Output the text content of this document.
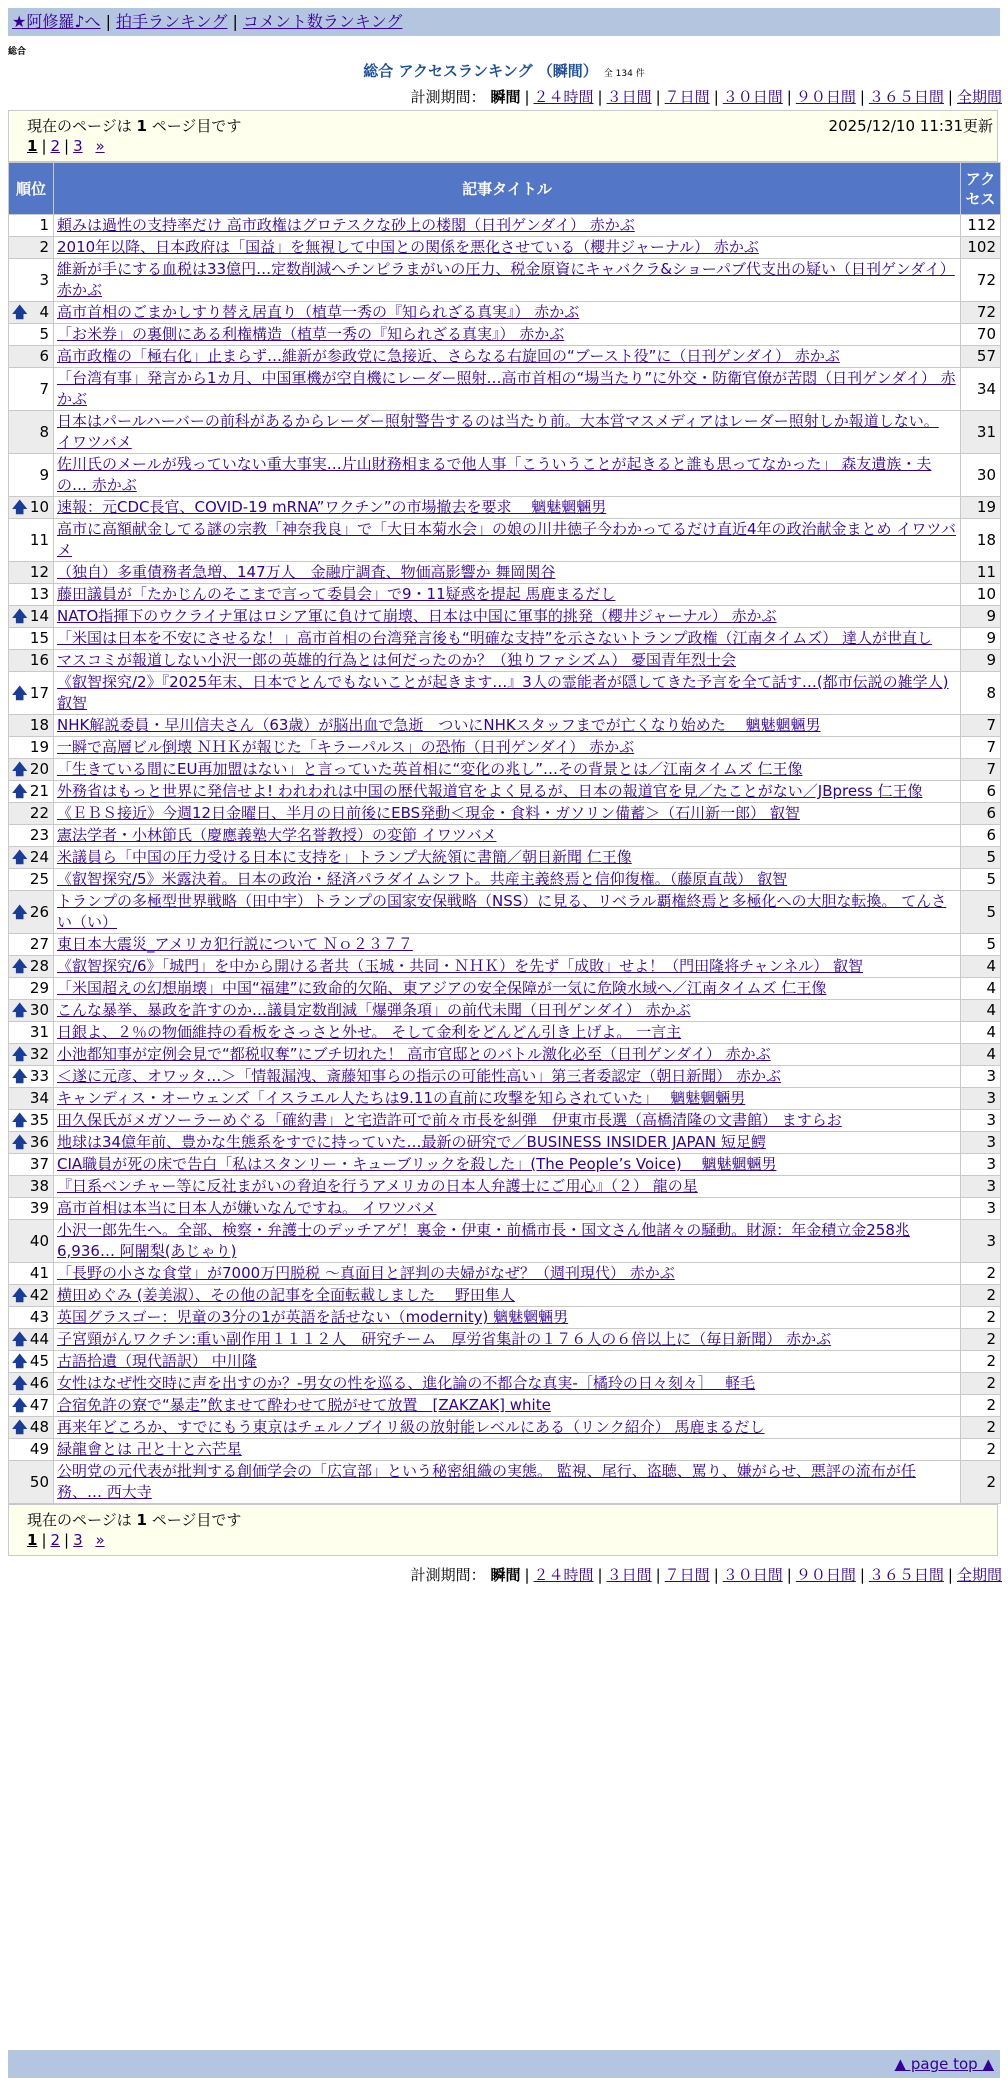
★阿修羅♪へ | 拍手ランキング | コメント数ランキング
総合
総合 アクセスランキング （瞬間） 全 134 件
計測期間： 瞬間 | ２４時間 | ３日間 | ７日間 | ３０日間 | ９０日間 | ３６５日間 | 全期間
現在のページは 1 ページ目です	2025/12/10 11:31更新
1 | 2 | 3 »
順位	記事タイトル	アクセス
1	頼みは過性の支持率だけ 高市政権はグロテスクな砂上の楼閣（日刊ゲンダイ） 赤かぶ	112
2	2010年以降、日本政府は「国益」を無視して中国との関係を悪化させている（櫻井ジャーナル） 赤かぶ	102
3	維新が手にする血税は33億円…定数削減へチンピラまがいの圧力、税金原資にキャバクラ&ショーパブ代支出の疑い（日刊ゲンダイ） 赤かぶ	72

🡅 4	高市首相のごまかしすり替え居直り（植草一秀の『知られざる真実』） 赤かぶ	72
5	「お米券」の裏側にある利権構造（植草一秀の『知られざる真実』） 赤かぶ	70
6	高市政権の「極右化」止まらず…維新が参政党に急接近、さらなる右旋回の“ブースト役”に（日刊ゲンダイ） 赤かぶ	57
7	「台湾有事」発言から1カ月、中国軍機が空自機にレーダー照射…高市首相の“場当たり”に外交・防衛官僚が苦悶（日刊ゲンダイ） 赤かぶ	34
8	日本はパールハーバーの前科があるからレーダー照射警告するのは当たり前。大本営マスメディアはレーダー照射しか報道しない。 イワツバメ	31
9	佐川氏のメールが残っていない重大事実…片山財務相まるで他人事「こういうことが起きると誰も思ってなかった」 森友遺族・夫の… 赤かぶ	30

🡅 10	速報：元CDC長官、COVID-19 mRNA”ワクチン”の市場撤去を要求　 魑魅魍魎男	19
11	高市に高額献金してる謎の宗教「神奈我良」で「大日本菊水会」の娘の川井徳子今わかってるだけ直近4年の政治献金まとめ イワツバメ	18
12	（独自）多重債務者急増、147万人　金融庁調査、物価高影響か 舞岡関谷	11
13	藤田議員が「たかじんのそこまで言って委員会」で9・11疑惑を提起 馬鹿まるだし	10

🡅 14	NATO指揮下のウクライナ軍はロシア軍に負けて崩壊、日本は中国に軍事的挑発（櫻井ジャーナル） 赤かぶ	9
15	「米国は日本を不安にさせるな！」高市首相の台湾発言後も“明確な支持”を示さないトランプ政権（江南タイムズ） 達人が世直し	9
16	マスコミが報道しない小沢一郎の英雄的行為とは何だったのか？（独りファシズム） 憂国青年烈士会	9

🡅 17	《叡智探究/2》『2025年末、日本でとんでもないことが起きます…』3人の霊能者が隠してきた予言を全て話す…(都市伝説の雑学人) 叡智	8
18	NHK解説委員・早川信夫さん（63歳）が脳出血で急逝　ついにNHKスタッフまでが亡くなり始めた　 魑魅魍魎男	7
19	一瞬で高層ビル倒壊 ＮＨＫが報じた「キラーパルス」の恐怖（日刊ゲンダイ） 赤かぶ	7

🡅 20	「生きている間にEU再加盟はない」と言っていた英首相に“変化の兆し”…その背景とは／江南タイムズ 仁王像	7

🡅 21	外務省はもっと世界に発信せよ! われわれは中国の歴代報道官をよく見るが、日本の報道官を見／たことがない／JBpress 仁王像	6
22	《ＥＢＳ接近》今週12日金曜日、半月の日前後にEBS発動＜現金・食料・ガソリン備蓄＞（石川新一郎） 叡智	6
23	憲法学者・小林節氏（慶應義塾大学名誉教授）の変節 イワツバメ	6

🡅 24	米議員ら「中国の圧力受ける日本に支持を」トランプ大統領に書簡／朝日新聞 仁王像	5
25	《叡智探究/5》米露決着。日本の政治・経済パラダイムシフト。共産主義終焉と信仰復権。（藤原直哉） 叡智	5

🡅 26	トランプの多極型世界戦略（田中宇）トランプの国家安保戦略（NSS）に見る、リベラル覇権終焉と多極化への大胆な転換。 てんさい（い）	5
27	東日本大震災_アメリカ犯行説について Ｎｏ２３７７	5

🡅 28	《叡智探究/6》「城門」を中から開ける者共（玉城・共同・ＮＨＫ）を先ず「成敗」せよ！（門田隆将チャンネル） 叡智	4
29	「米国超えの幻想崩壊」中国“福建”に致命的欠陥、東アジアの安全保障が一気に危険水域へ／江南タイムズ 仁王像	4

🡅 30	こんな暴挙、暴政を許すのか…議員定数削減「爆弾条項」の前代未聞（日刊ゲンダイ） 赤かぶ	4
31	日銀よ、２％の物価維持の看板をさっさと外せ。 そして金利をどんどん引き上げよ。 一言主	4

🡅 32	小池都知事が定例会見で“都税収奪”にブチ切れた！ 高市官邸とのバトル激化必至（日刊ゲンダイ） 赤かぶ	4

🡅 33	＜遂に元彦、オワッタ…＞「情報漏洩、斎藤知事らの指示の可能性高い」第三者委認定（朝日新聞） 赤かぶ	3
34	キャンディス・オーウェンズ「イスラエル人たちは9.11の直前に攻撃を知らされていた」　 魑魅魍魎男	3

🡅 35	田久保氏がメガソーラーめぐる「確約書」と宅造許可で前々市長を糾弾　伊東市長選（高橋清隆の文書館） ますらお	3

🡅 36	地球は34億年前、豊かな生態系をすでに持っていた…最新の研究で／BUSINESS INSIDER JAPAN 短足鰐	3
37	CIA職員が死の床で告白「私はスタンリー・キューブリックを殺した」(The People’s Voice)　 魑魅魍魎男	3
38	『日系ベンチャー等に反社まがいの脅迫を行うアメリカの日本人弁護士にご用心』（２） 龍の星	3
39	高市首相は本当に日本人が嫌いなんですね。 イワツバメ	3
40	小沢一郎先生へ。全部、検察・弁護士のデッチアゲ！裏金・伊東・前橋市長・国文さん他諸々の騒動。財源：年金積立金258兆6,936… 阿闍梨(あじゃり)	3
41	「長野の小さな食堂」が7000万円脱税 ～真面目と評判の夫婦がなぜ？（週刊現代） 赤かぶ	2

🡅 42	横田めぐみ (姜美淑）、その他の記事を全面転載しました　 野田隼人	2
43	英国グラスゴー：児童の3分の1が英語を話せない（modernity) 魑魅魍魎男	2

🡅 44	子宮頸がんワクチン:重い副作用１１１２人　研究チーム　厚労省集計の１７６人の６倍以上に（毎日新聞） 赤かぶ	2

🡅 45	古語拾遺（現代語訳） 中川隆	2

🡅 46	女性はなぜ性交時に声を出すのか？-男女の性を巡る、進化論の不都合な真実-［橘玲の日々刻々］　 軽毛	2

🡅 47	合宿免許の寮で“暴走”飲ませて酔わせて脱がせて放置　[ZAKZAK] white	2

🡅 48	再来年どころか、すでにもう東京はチェルノブイリ級の放射能レベルにある（リンク紹介） 馬鹿まるだし	2
49	緑龍會とは 卍と十と六芒星	2
50	公明党の元代表が批判する創価学会の「広宣部」という秘密組織の実態。 監視、尾行、盗聴、罵り、嫌がらせ、悪評の流布が任務、… 西大寺	2
現在のページは 1 ページ目です
1 | 2 | 3 »
計測期間： 瞬間 | ２４時間 | ３日間 | ７日間 | ３０日間 | ９０日間 | ３６５日間 | 全期間
▲ page top ▲
